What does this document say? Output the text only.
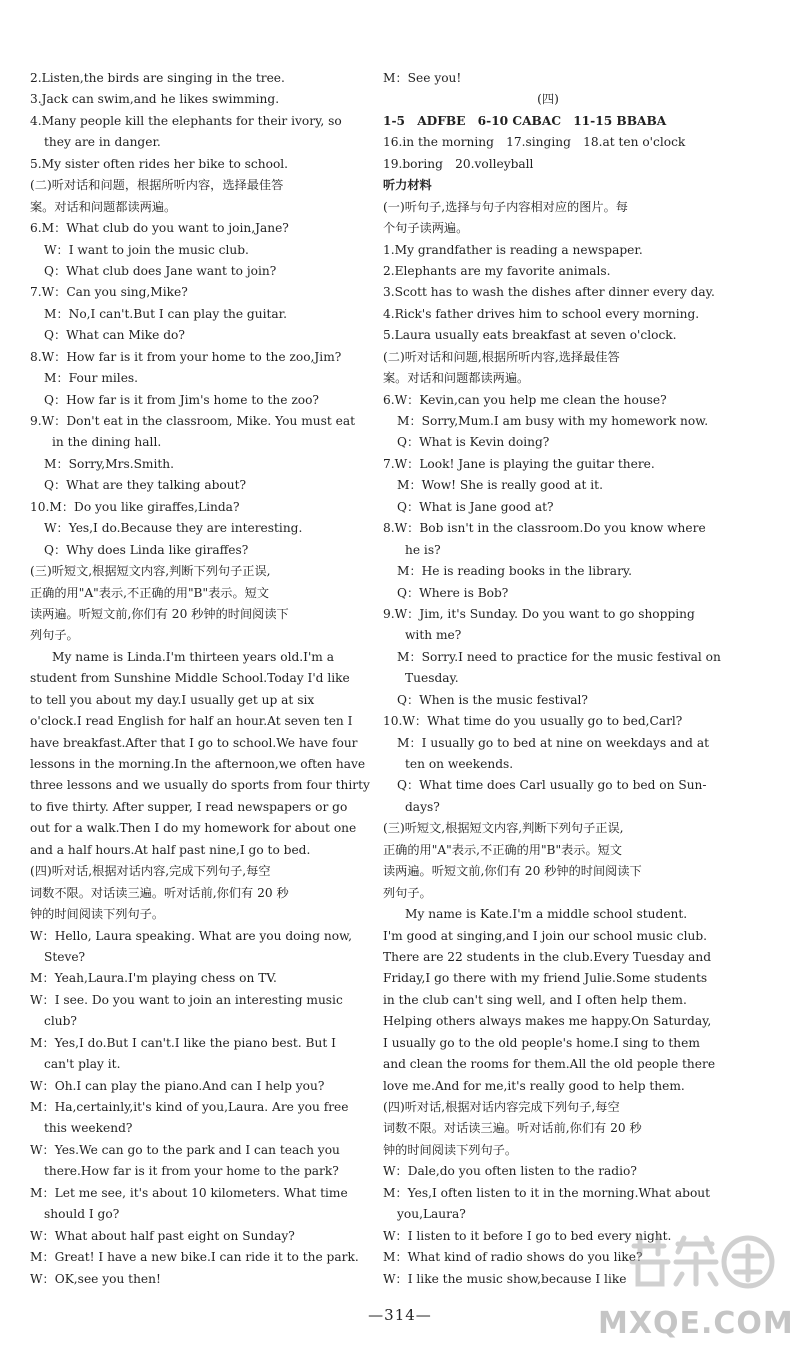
2.Listen,the birds are singing in the tree.
3.Jack can swim,and he likes swimming.
4.Many people kill the elephants for their ivory, so
they are in danger.
5.My sister often rides her bike to school.
(二)听对话和问题，根据所听内容，选择最佳答
案。对话和问题都读两遍。
6.M：What club do you want to join,Jane?
W：I want to join the music club.
Q：What club does Jane want to join?
7.W：Can you sing,Mike?
M：No,I can't.But I can play the guitar.
Q：What can Mike do?
8.W：How far is it from your home to the zoo,Jim?
M：Four miles.
Q：How far is it from Jim's home to the zoo?
9.W：Don't eat in the classroom, Mike. You must eat
in the dining hall.
M：Sorry,Mrs.Smith.
Q：What are they talking about?
10.M：Do you like giraffes,Linda?
W：Yes,I do.Because they are interesting.
Q：Why does Linda like giraffes?
(三)听短文,根据短文内容,判断下列句子正误,
正确的用"A"表示,不正确的用"B"表示。短文
读两遍。听短文前,你们有 20 秒钟的时间阅读下
列句子。
My name is Linda.I'm thirteen years old.I'm a
student from Sunshine Middle School.Today I'd like
to tell you about my day.I usually get up at six
o'clock.I read English for half an hour.At seven ten I
have breakfast.After that I go to school.We have four
lessons in the morning.In the afternoon,we often have
three lessons and we usually do sports from four thirty
to five thirty. After supper, I read newspapers or go
out for a walk.Then I do my homework for about one
and a half hours.At half past nine,I go to bed.
(四)听对话,根据对话内容,完成下列句子,每空
词数不限。对话读三遍。听对话前,你们有 20 秒
钟的时间阅读下列句子。
W：Hello, Laura speaking. What are you doing now,
Steve?
M：Yeah,Laura.I'm playing chess on TV.
W：I see. Do you want to join an interesting music
club?
M：Yes,I do.But I can't.I like the piano best. But I
can't play it.
W：Oh.I can play the piano.And can I help you?
M：Ha,certainly,it's kind of you,Laura. Are you free
this weekend?
W：Yes.We can go to the park and I can teach you
there.How far is it from your home to the park?
M：Let me see, it's about 10 kilometers. What time
should I go?
W：What about half past eight on Sunday?
M：Great! I have a new bike.I can ride it to the park.
W：OK,see you then!
M：See you!
(四)
1-5　ADFBE　6-10 CABAC　11-15 BBABA
16.in the morning　17.singing　18.at ten o'clock
19.boring　20.volleyball
听力材料
(一)听句子,选择与句子内容相对应的图片。每
个句子读两遍。
1.My grandfather is reading a newspaper.
2.Elephants are my favorite animals.
3.Scott has to wash the dishes after dinner every day.
4.Rick's father drives him to school every morning.
5.Laura usually eats breakfast at seven o'clock.
(二)听对话和问题,根据所听内容,选择最佳答
案。对话和问题都读两遍。
6.W：Kevin,can you help me clean the house?
M：Sorry,Mum.I am busy with my homework now.
Q：What is Kevin doing?
7.W：Look! Jane is playing the guitar there.
M：Wow! She is really good at it.
Q：What is Jane good at?
8.W：Bob isn't in the classroom.Do you know where
he is?
M：He is reading books in the library.
Q：Where is Bob?
9.W：Jim, it's Sunday. Do you want to go shopping
with me?
M：Sorry.I need to practice for the music festival on
Tuesday.
Q：When is the music festival?
10.W：What time do you usually go to bed,Carl?
M：I usually go to bed at nine on weekdays and at
ten on weekends.
Q：What time does Carl usually go to bed on Sun-
days?
(三)听短文,根据短文内容,判断下列句子正误,
正确的用"A"表示,不正确的用"B"表示。短文
读两遍。听短文前,你们有 20 秒钟的时间阅读下
列句子。
My name is Kate.I'm a middle school student.
I'm good at singing,and I join our school music club.
There are 22 students in the club.Every Tuesday and
Friday,I go there with my friend Julie.Some students
in the club can't sing well, and I often help them.
Helping others always makes me happy.On Saturday,
I usually go to the old people's home.I sing to them
and clean the rooms for them.All the old people there
love me.And for me,it's really good to help them.
(四)听对话,根据对话内容完成下列句子,每空
词数不限。对话读三遍。听对话前,你们有 20 秒
钟的时间阅读下列句子。
W：Dale,do you often listen to the radio?
M：Yes,I often listen to it in the morning.What about
you,Laura?
W：I listen to it before I go to bed every night.
M：What kind of radio shows do you like?
W：I like the music show,because I like
—314—	MXQE.COM
